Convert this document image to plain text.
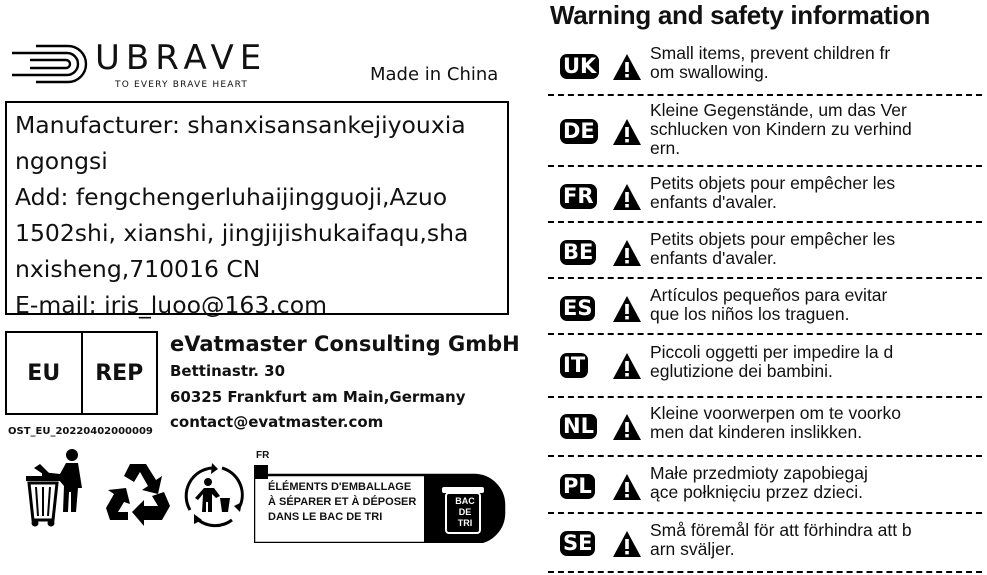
UBRAVE
TO EVERY BRAVE HEART	Made in China
Manufacturer: shanxisansankejiyouxia
ngongsi
Add: fengchengerluhaijingguoji,Azuo
1502shi, xianshi, jingjijishukaifaqu,sha
nxisheng,710016 CN
E-mail: iris_luoo@163.com
EU	REP
OST_EU_20220402000009
eVatmaster Consulting GmbH
Bettinastr. 30
60325 Frankfurt am Main,Germany
contact@evatmaster.com
FR
ÉLÉMENTS D'EMBALLAGE
À SÉPARER ET À DÉPOSER
DANS LE BAC DE TRI
BAC
DE
TRI
Warning and safety information
UK
Small items, prevent children fr
om swallowing.
DE
Kleine Gegenstände, um das Ver
schlucken von Kindern zu verhind
ern.
FR
Petits objets pour empêcher les
enfants d'avaler.
BE
Petits objets pour empêcher les
enfants d'avaler.
ES
Artículos pequeños para evitar
que los niños los traguen.
IT
Piccoli oggetti per impedire la d
eglutizione dei bambini.
NL
Kleine voorwerpen om te voorko
men dat kinderen inslikken.
PL
Małe przedmioty zapobiegaj
ące połknięciu przez dzieci.
SE
Små föremål för att förhindra att b
arn sväljer.
